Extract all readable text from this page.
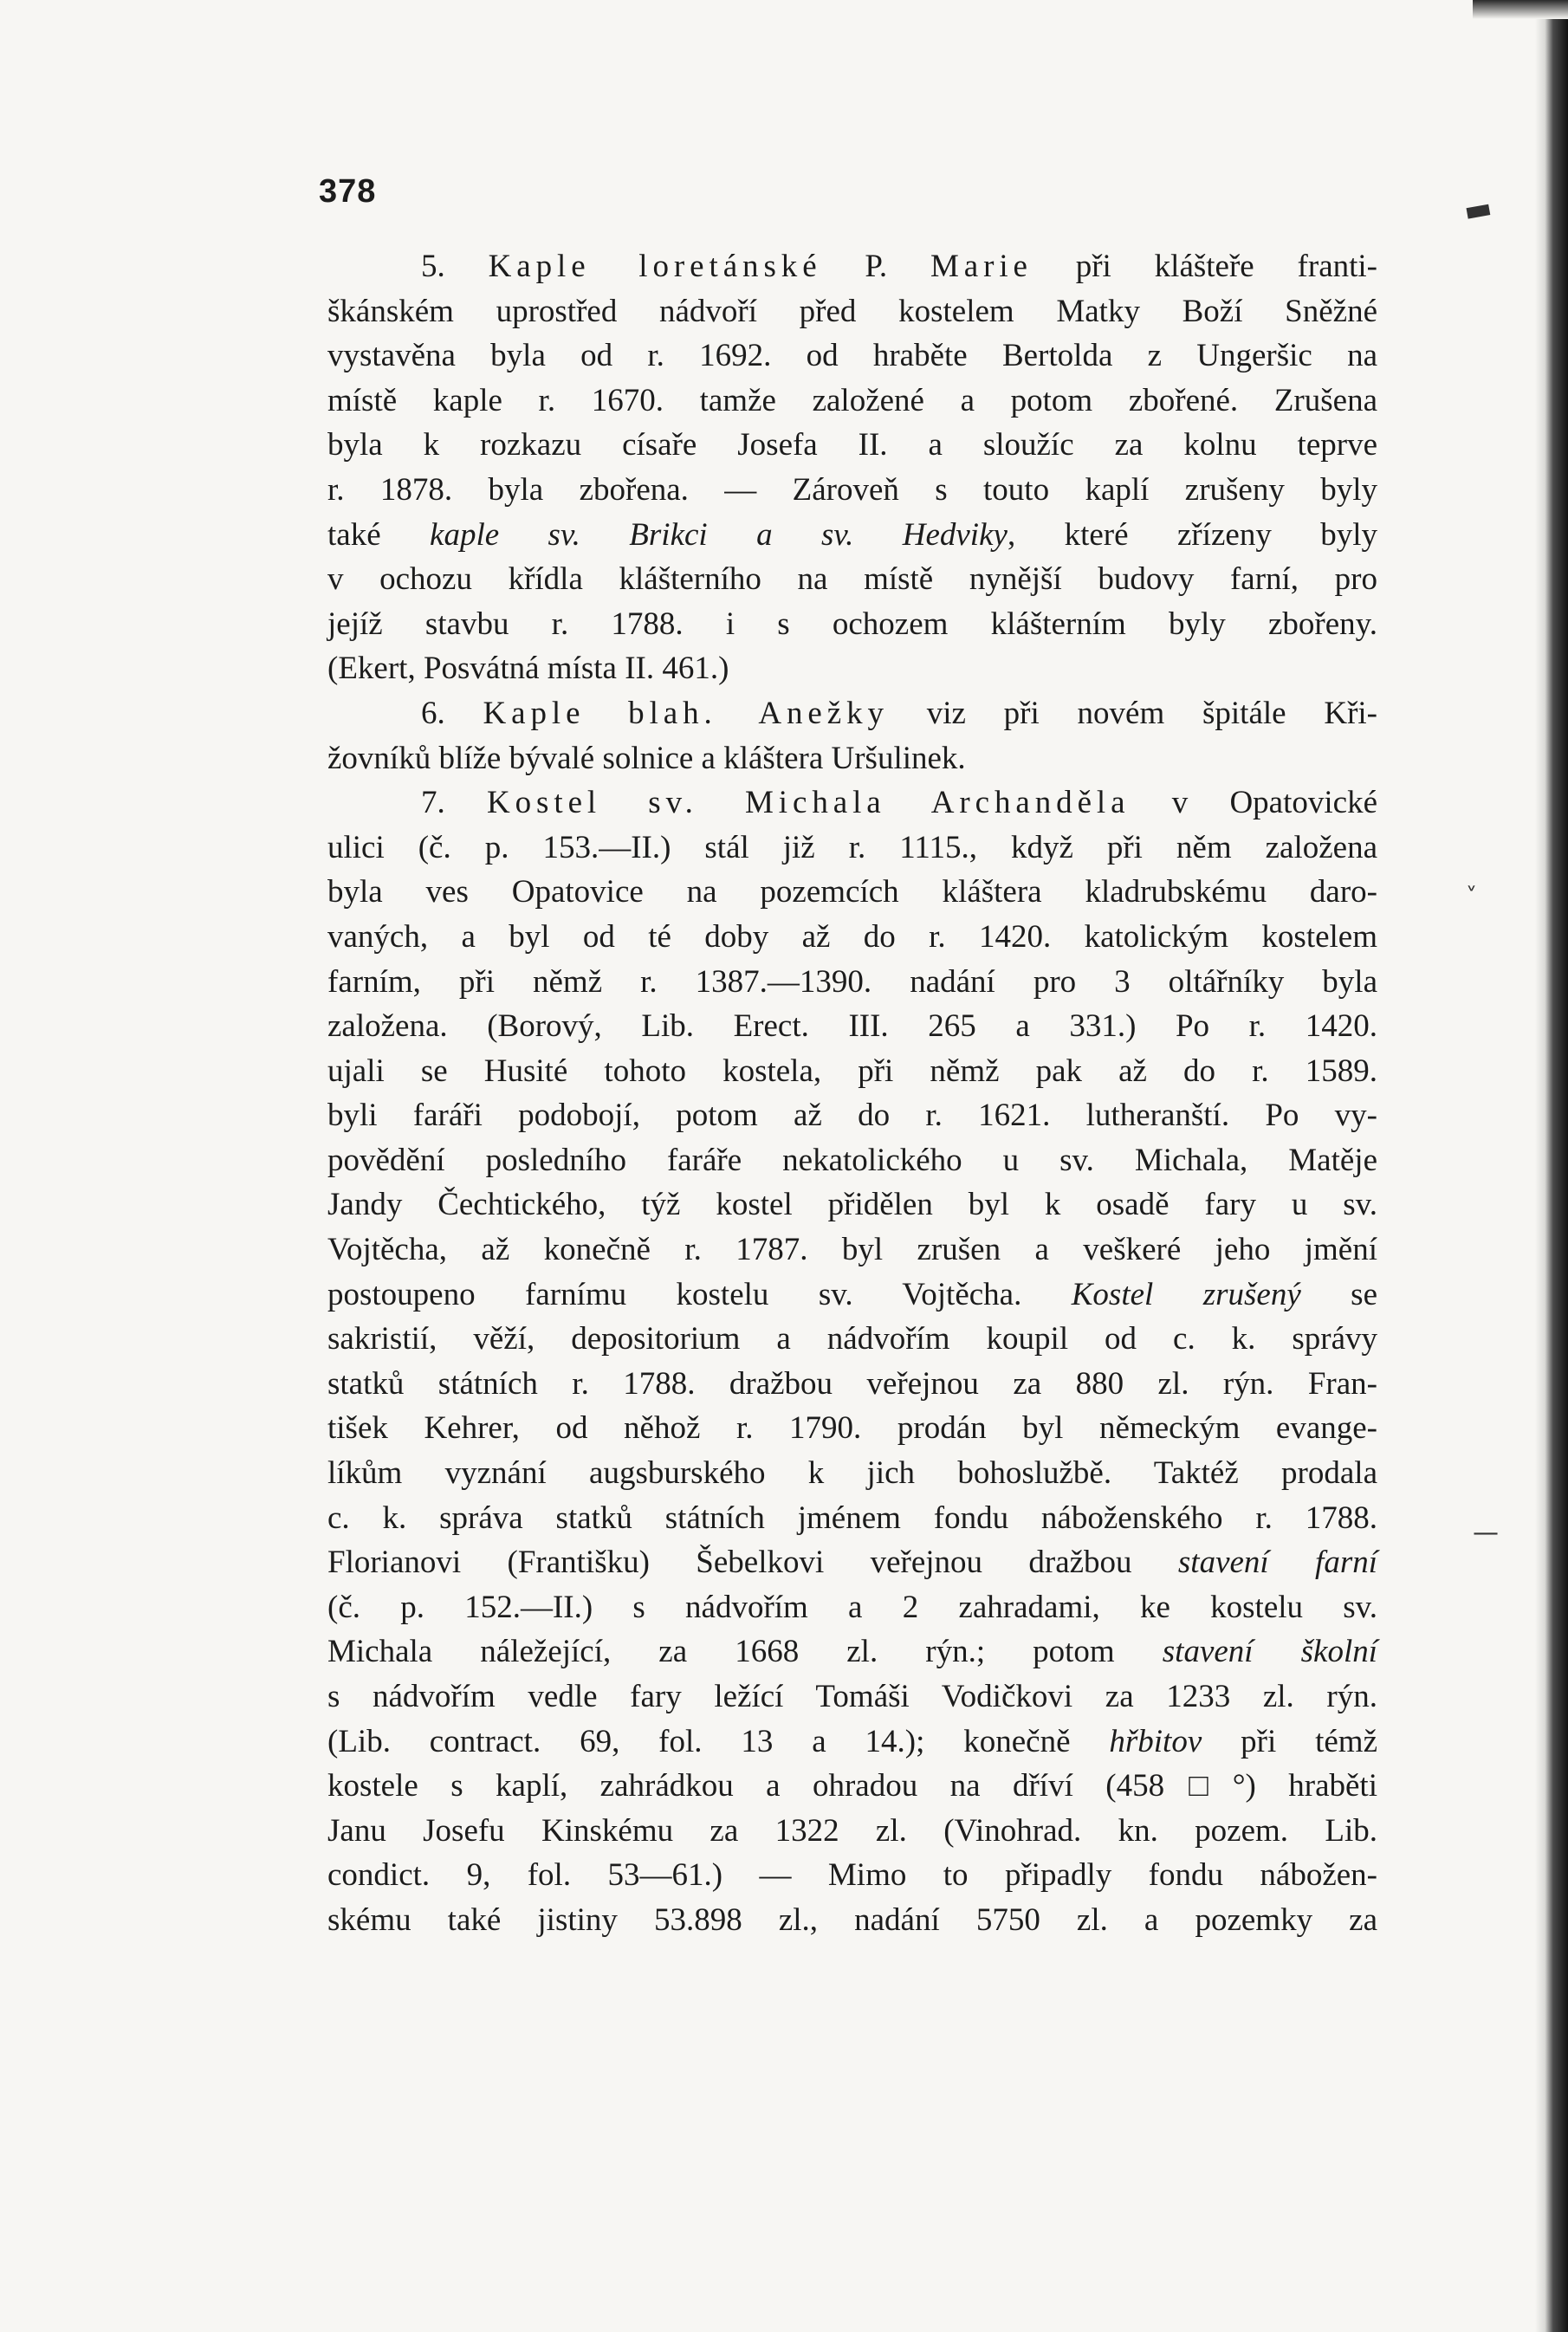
378	▬
˅
—
5. Kaple loretánské P. Marie při klášteře franti-
škánském uprostřed nádvoří před kostelem Matky Boží Sněžné
vystavěna byla od r. 1692. od hraběte Bertolda z Ungeršic na
místě kaple r. 1670. tamže založené a potom zbořené. Zrušena
byla k rozkazu císaře Josefa II. a sloužíc za kolnu teprve
r. 1878. byla zbořena. — Zároveň s touto kaplí zrušeny byly
také kaple sv. Brikci a sv. Hedviky, které zřízeny byly
v ochozu křídla klášterního na místě nynější budovy farní, pro
jejíž stavbu r. 1788. i s ochozem klášterním byly zbořeny.
(Ekert, Posvátná místa II. 461.)
6. Kaple blah. Anežky viz při novém špitále Kři-
žovníků blíže bývalé solnice a kláštera Uršulinek.
7. Kostel sv. Michala Archanděla v Opatovické
ulici (č. p. 153.—II.) stál již r. 1115., když při něm založena
byla ves Opatovice na pozemcích kláštera kladrubskému darо-
vaných, a byl od té doby až do r. 1420. katolickým kostelem
farním, při němž r. 1387.—1390. nadání pro 3 oltářníky byla
založena. (Borový, Lib. Erect. III. 265 a 331.) Po r. 1420.
ujali se Husité tohoto kostela, při němž pak až do r. 1589.
byli faráři podobojí, potom až do r. 1621. lutheranští. Po vy-
povědění posledního faráře nekatolického u sv. Michala, Matěje
Jandy Čechtického, týž kostel přidělen byl k osadě fary u sv.
Vojtěcha, až konečně r. 1787. byl zrušen a veškeré jeho jmění
postoupeno farnímu kostelu sv. Vojtěcha. Kostel zrušený se
sakristií, věží, depositorium a nádvořím koupil od c. k. správy
statků státních r. 1788. dražbou veřejnou za 880 zl. rýn. Fran-
tišek Kehrer, od něhož r. 1790. prodán byl německým evange-
líkům vyznání augsburského k jich bohoslužbě. Taktéž prodala
c. k. správa statků státních jménem fondu náboženského r. 1788.
Florianovi (Františku) Šebelkovi veřejnou dražbou stavení farní
(č. p. 152.—II.) s nádvořím a 2 zahradami, ke kostelu sv.
Michala náležející, za 1668 zl. rýn.; potom stavení školní
s nádvořím vedle fary ležící Tomáši Vodičkovi za 1233 zl. rýn.
(Lib. contract. 69, fol. 13 a 14.); konečně hřbitov při témž
kostele s kaplí, zahrádkou a ohradou na dříví (458□°) hraběti
Janu Josefu Kinskému za 1322 zl. (Vinohrad. kn. pozem. Lib.
condict. 9, fol. 53—61.) — Mimo to připadly fondu nábožen-
skému také jistiny 53.898 zl., nadání 5750 zl. a pozemky za
